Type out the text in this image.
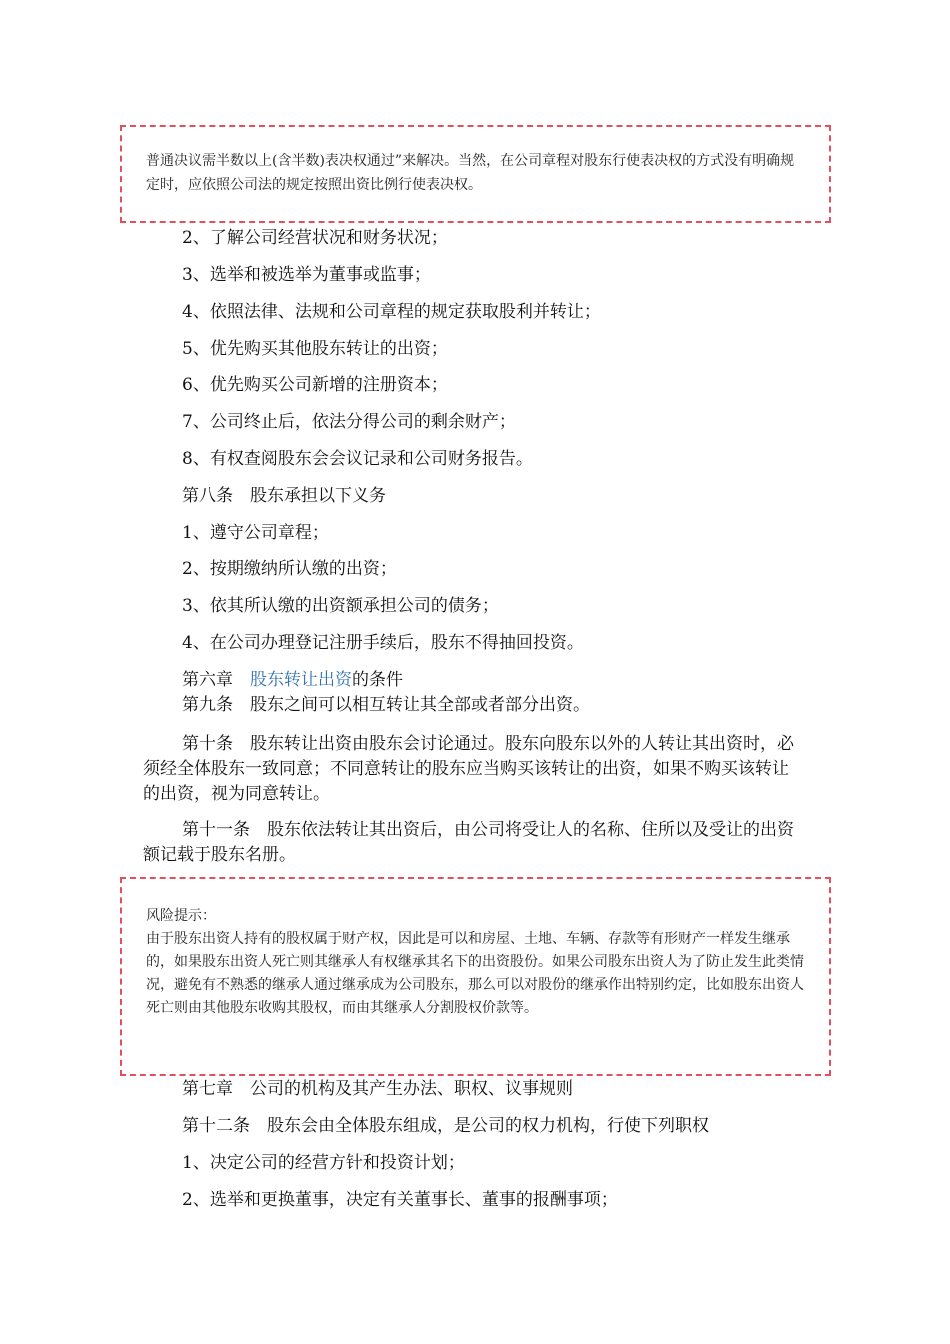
普通决议需半数以上(含半数)表决权通过”来解决。当然，在公司章程对股东行使表决权的方式没有明确规定时，应依照公司法的规定按照出资比例行使表决权。

2、了解公司经营状况和财务状况；

3、选举和被选举为董事或监事；

4、依照法律、法规和公司章程的规定获取股利并转让；

5、优先购买其他股东转让的出资；

6、优先购买公司新增的注册资本；

7、公司终止后，依法分得公司的剩余财产；

8、有权查阅股东会会议记录和公司财务报告。

第八条　股东承担以下义务

1、遵守公司章程；

2、按期缴纳所认缴的出资；

3、依其所认缴的出资额承担公司的债务；

4、在公司办理登记注册手续后，股东不得抽回投资。

第六章　股东转让出资的条件

第九条　股东之间可以相互转让其全部或者部分出资。

第十条　股东转让出资由股东会讨论通过。股东向股东以外的人转让其出资时，必须经全体股东一致同意；不同意转让的股东应当购买该转让的出资，如果不购买该转让的出资，视为同意转让。

第十一条　股东依法转让其出资后，由公司将受让人的名称、住所以及受让的出资额记载于股东名册。

风险提示：

由于股东出资人持有的股权属于财产权，因此是可以和房屋、土地、车辆、存款等有形财产一样发生继承的，如果股东出资人死亡则其继承人有权继承其名下的出资股份。如果公司股东出资人为了防止发生此类情况，避免有不熟悉的继承人通过继承成为公司股东，那么可以对股份的继承作出特别约定，比如股东出资人死亡则由其他股东收购其股权，而由其继承人分割股权价款等。

第七章　公司的机构及其产生办法、职权、议事规则

第十二条　股东会由全体股东组成，是公司的权力机构，行使下列职权

1、决定公司的经营方针和投资计划；

2、选举和更换董事，决定有关董事长、董事的报酬事项；
